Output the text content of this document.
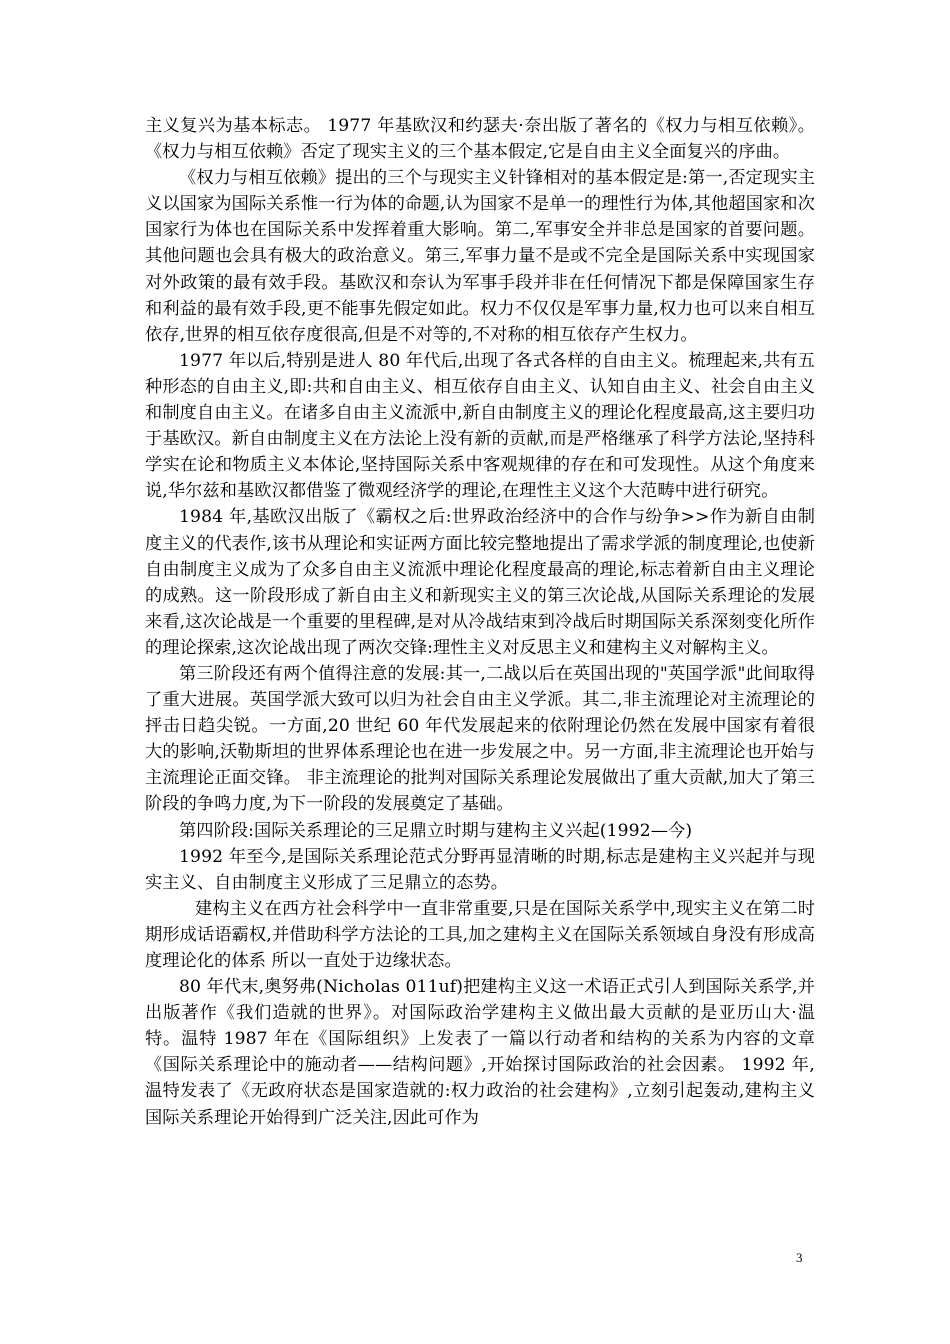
主义复兴为基本标志。 1977 年基欧汉和约瑟夫·奈出版了著名的《权力与相互依赖》。《权力与相互依赖》否定了现实主义的三个基本假定,它是自由主义全面复兴的序曲。

《权力与相互依赖》提出的三个与现实主义针锋相对的基本假定是:第一,否定现实主义以国家为国际关系惟一行为体的命题,认为国家不是单一的理性行为体,其他超国家和次国家行为体也在国际关系中发挥着重大影响。第二,军事安全并非总是国家的首要问题。其他问题也会具有极大的政治意义。第三,军事力量不是或不完全是国际关系中实现国家对外政策的最有效手段。基欧汉和奈认为军事手段并非在任何情况下都是保障国家生存和利益的最有效手段,更不能事先假定如此。权力不仅仅是军事力量,权力也可以来自相互依存,世界的相互依存度很高,但是不对等的,不对称的相互依存产生权力。

1977 年以后,特别是进人 80 年代后,出现了各式各样的自由主义。梳理起来,共有五种形态的自由主义,即:共和自由主义、相互依存自由主义、认知自由主义、社会自由主义和制度自由主义。在诸多自由主义流派中,新自由制度主义的理论化程度最高,这主要归功于基欧汉。新自由制度主义在方法论上没有新的贡献,而是严格继承了科学方法论,坚持科学实在论和物质主义本体论,坚持国际关系中客观规律的存在和可发现性。从这个角度来说,华尔兹和基欧汉都借鉴了微观经济学的理论,在理性主义这个大范畴中进行研究。

1984 年,基欧汉出版了《霸权之后:世界政治经济中的合作与纷争>>作为新自由制度主义的代表作,该书从理论和实证两方面比较完整地提出了需求学派的制度理论,也使新自由制度主义成为了众多自由主义流派中理论化程度最高的理论,标志着新自由主义理论的成熟。这一阶段形成了新自由主义和新现实主义的第三次论战,从国际关系理论的发展来看,这次论战是一个重要的里程碑,是对从冷战结束到冷战后时期国际关系深刻变化所作的理论探索,这次论战出现了两次交锋:理性主义对反思主义和建构主义对解构主义。

第三阶段还有两个值得注意的发展:其一,二战以后在英国出现的"英国学派"此间取得了重大进展。英国学派大致可以归为社会自由主义学派。其二,非主流理论对主流理论的抨击日趋尖锐。一方面,20 世纪 60 年代发展起来的依附理论仍然在发展中国家有着很大的影响,沃勒斯坦的世界体系理论也在进一步发展之中。另一方面,非主流理论也开始与主流理论正面交锋。 非主流理论的批判对国际关系理论发展做出了重大贡献,加大了第三阶段的争鸣力度,为下一阶段的发展奠定了基础。

第四阶段:国际关系理论的三足鼎立时期与建构主义兴起(1992—今)

1992 年至今,是国际关系理论范式分野再显清晰的时期,标志是建构主义兴起并与现实主义、自由制度主义形成了三足鼎立的态势。

建构主义在西方社会科学中一直非常重要,只是在国际关系学中,现实主义在第二时期形成话语霸权,并借助科学方法论的工具,加之建构主义在国际关系领域自身没有形成高度理论化的体系 所以一直处于边缘状态。

80 年代末,奥努弗(Nicholas 011uf)把建构主义这一术语正式引人到国际关系学,并出版著作《我们造就的世界》。对国际政治学建构主义做出最大贡献的是亚历山大·温特。温特 1987 年在《国际组织》上发表了一篇以行动者和结构的关系为内容的文章《国际关系理论中的施动者——结构问题》,开始探讨国际政治的社会因素。 1992 年,温特发表了《无政府状态是国家造就的:权力政治的社会建构》,立刻引起轰动,建构主义国际关系理论开始得到广泛关注,因此可作为

3
